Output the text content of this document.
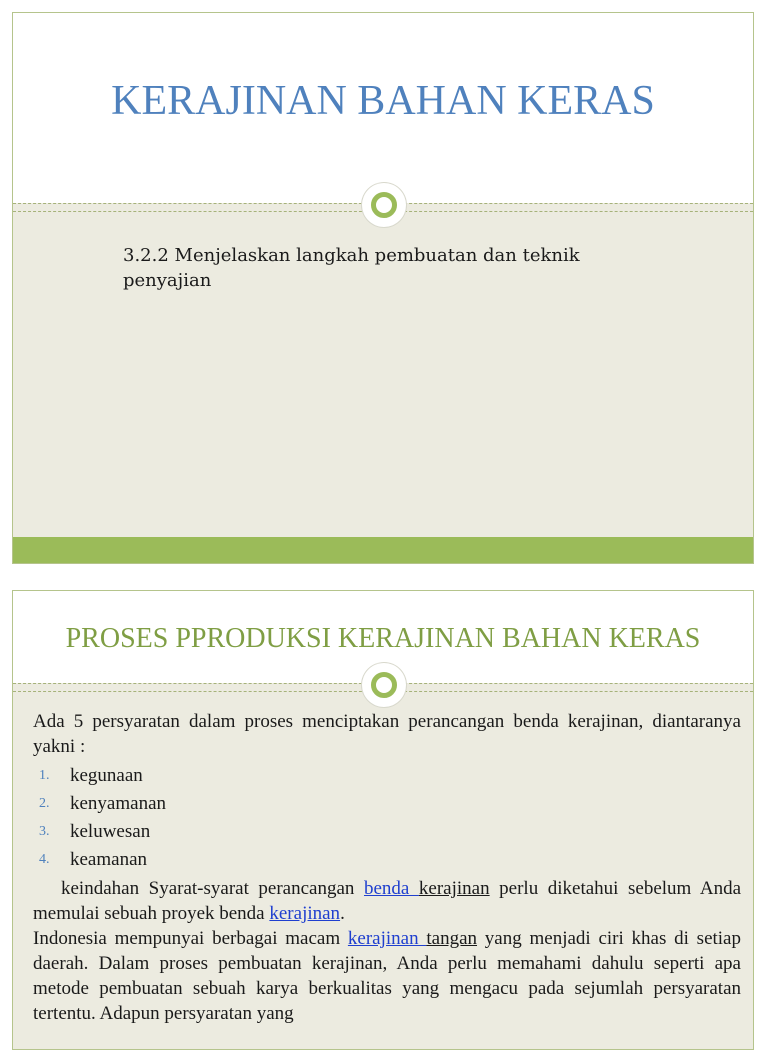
KERAJINAN BAHAN KERAS
3.2.2 Menjelaskan langkah pembuatan dan teknik
penyajian
PROSES PPRODUKSI KERAJINAN BAHAN KERAS

Ada 5 persyaratan dalam proses menciptakan perancangan benda kerajinan, diantaranya yakni :

1. kegunaan
2. kenyamanan
3. keluwesan
4. keamanan

keindahan Syarat-syarat perancangan benda kerajinan perlu diketahui sebelum Anda memulai sebuah proyek benda kerajinan.

Indonesia mempunyai berbagai macam kerajinan tangan yang menjadi ciri khas di setiap daerah. Dalam proses pembuatan kerajinan, Anda perlu memahami dahulu seperti apa metode pembuatan sebuah karya berkualitas yang mengacu pada sejumlah persyaratan tertentu. Adapun persyaratan yang
